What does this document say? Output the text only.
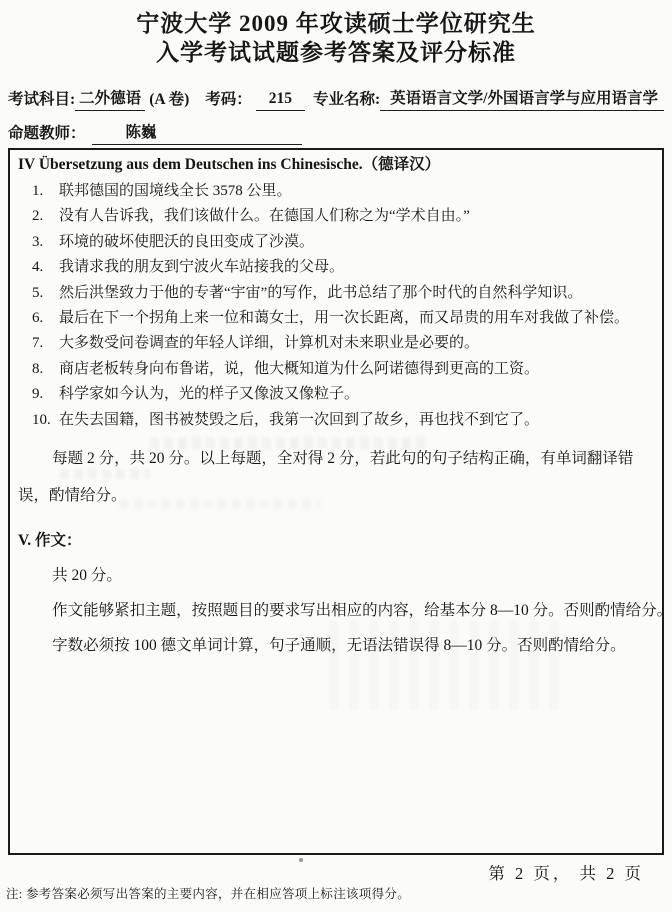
宁波大学 2009 年攻读硕士学位研究生
入学考试试题参考答案及评分标准
考试科目: 二外德语 (A 卷) 考码：	215	专业名称: 英语语言文学/外国语言学与应用语言学
命题教师：	陈巍
IV Übersetzung aus dem Deutschen ins Chinesische.（德译汉）
1.	联邦德国的国境线全长 3578 公里。
2.	没有人告诉我，我们该做什么。在德国人们称之为“学术自由。”
3.	环境的破坏使肥沃的良田变成了沙漠。
4.	我请求我的朋友到宁波火车站接我的父母。
5.	然后洪堡致力于他的专著“宇宙”的写作，此书总结了那个时代的自然科学知识。
6.	最后在下一个拐角上来一位和蔼女士，用一次长距离，而又昂贵的用车对我做了补偿。
7.	大多数受问卷调查的年轻人详细，计算机对未来职业是必要的。
8.	商店老板转身向布鲁诺，说，他大概知道为什么阿诺德得到更高的工资。
9.	科学家如今认为，光的样子又像波又像粒子。
10. 在失去国籍，图书被焚毁之后，我第一次回到了故乡，再也找不到它了。
每题 2 分，共 20 分。以上每题，全对得 2 分，若此句的句子结构正确，有单词翻译错误，酌情给分。
V. 作文：
共 20 分。
作文能够紧扣主题，按照题目的要求写出相应的内容，给基本分 8—10 分。否则酌情给分。
字数必须按 100 德文单词计算，句子通顺，无语法错误得 8—10 分。否则酌情给分。
第 2 页， 共 2 页
注: 参考答案必须写出答案的主要内容，并在相应答项上标注该项得分。
